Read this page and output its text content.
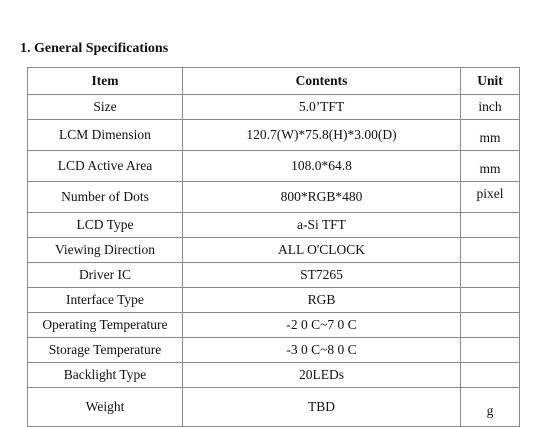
1. General Specifications
Item	Contents	Unit
Size	5.0’TFT	inch
LCM Dimension	120.7(W)*75.8(H)*3.00(D)	mm
LCD Active Area	108.0*64.8	mm
Number of Dots	800*RGB*480	pixel
LCD Type	a-Si TFT	
Viewing Direction	ALL O'CLOCK	
Driver IC	ST7265	
Interface Type	RGB	
Operating Temperature	-2 0 C~7 0 C	
Storage Temperature	-3 0 C~8 0 C	
Backlight Type	20LEDs	
Weight	TBD	g
